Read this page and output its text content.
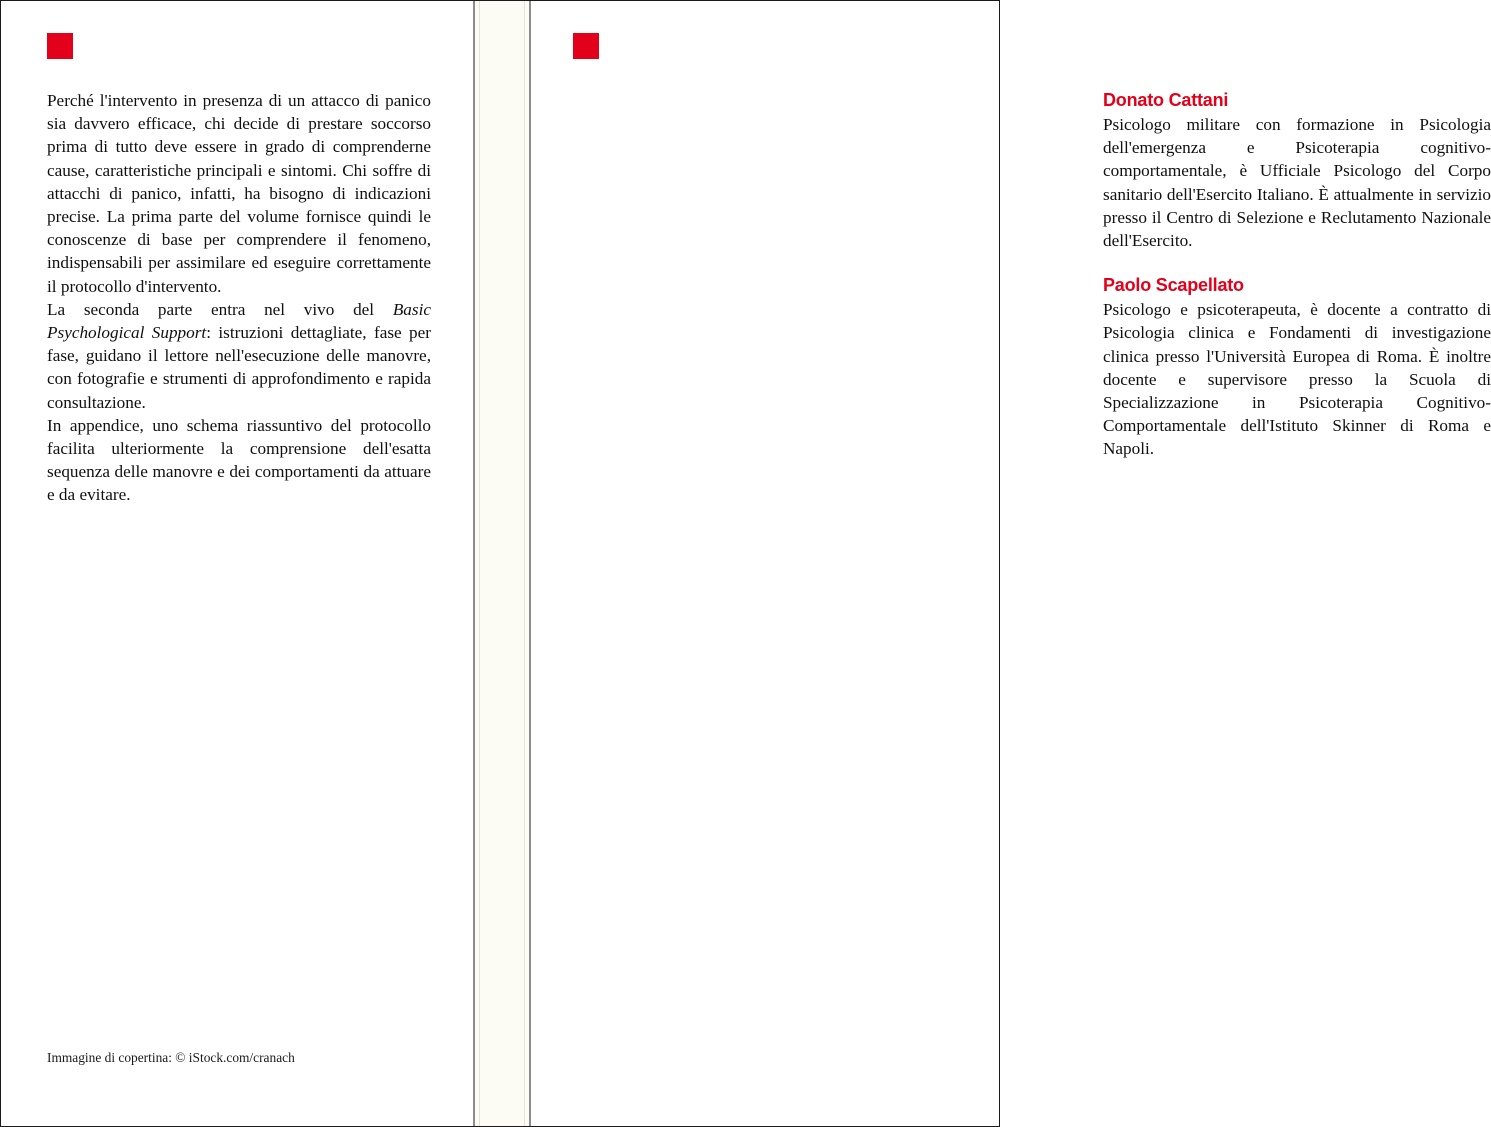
Perché l'intervento in presenza di un attacco di panico sia davvero efficace, chi decide di prestare soccorso prima di tutto deve essere in grado di comprenderne cause, caratteristiche principali e sintomi. Chi soffre di attacchi di panico, infatti, ha bisogno di indicazioni precise. La prima parte del volume fornisce quindi le conoscenze di base per comprendere il fenomeno, indispensabili per assimilare ed eseguire correttamente il protocollo d'intervento.

La seconda parte entra nel vivo del Basic Psychological Support: istruzioni dettagliate, fase per fase, guidano il lettore nell'esecuzione delle manovre, con fotografie e strumenti di approfondimento e rapida consultazione.

In appendice, uno schema riassuntivo del protocollo facilita ulteriormente la comprensione dell'esatta sequenza delle manovre e dei comportamenti da attuare e da evitare.

Immagine di copertina: © iStock.com/cranach
Donato Cattani

Psicologo militare con formazione in Psicologia dell'emergenza e Psicoterapia cognitivo-comportamentale, è Ufficiale Psicologo del Corpo sanitario dell'Esercito Italiano. È attualmente in servizio presso il Centro di Selezione e Reclutamento Nazionale dell'Esercito.

Paolo Scapellato

Psicologo e psicoterapeuta, è docente a contratto di Psicologia clinica e Fondamenti di investigazione clinica presso l'Università Europea di Roma. È inoltre docente e supervisore presso la Scuola di Specializzazione in Psicoterapia Cognitivo-Comportamentale dell'Istituto Skinner di Roma e Napoli.
